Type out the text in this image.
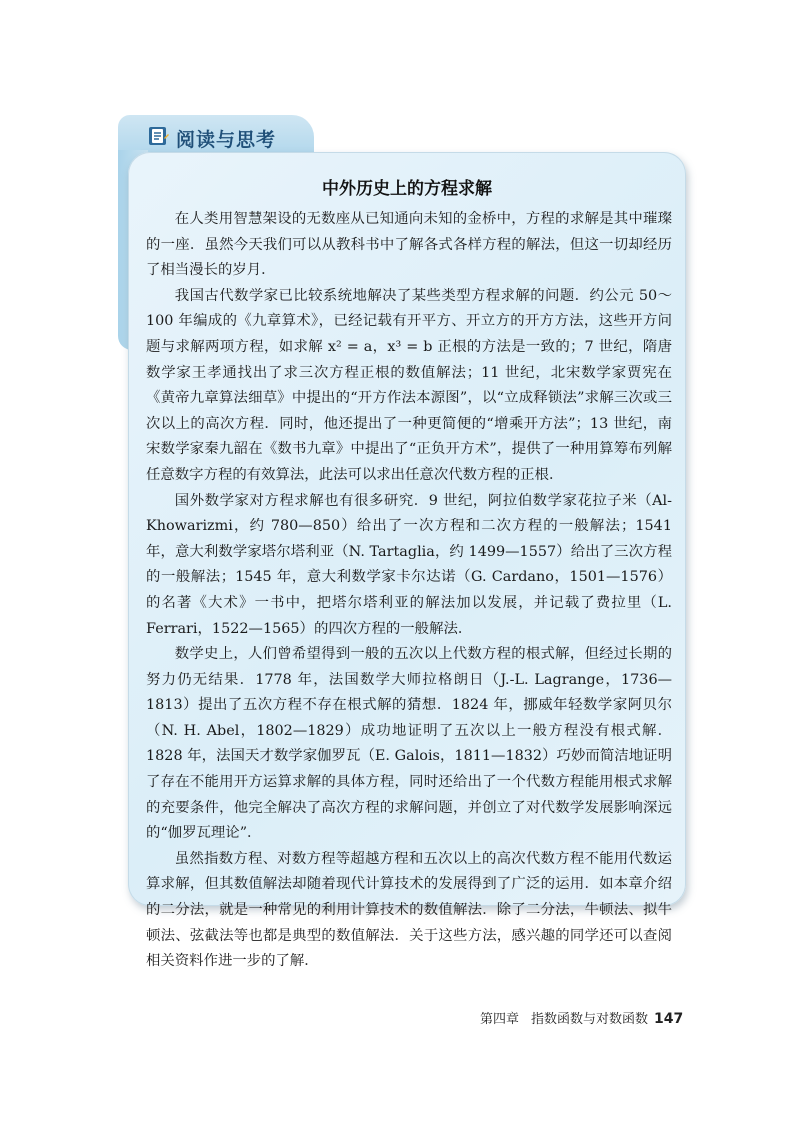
阅读与思考
中外历史上的方程求解

在人类用智慧架设的无数座从已知通向未知的金桥中，方程的求解是其中璀璨的一座．虽然今天我们可以从教科书中了解各式各样方程的解法，但这一切却经历了相当漫长的岁月．

我国古代数学家已比较系统地解决了某些类型方程求解的问题．约公元 50～100 年编成的《九章算术》，已经记载有开平方、开立方的开方方法，这些开方问题与求解两项方程，如求解 x² = a，x³ = b 正根的方法是一致的；7 世纪，隋唐数学家王孝通找出了求三次方程正根的数值解法；11 世纪，北宋数学家贾宪在《黄帝九章算法细草》中提出的“开方作法本源图”，以“立成释锁法”求解三次或三次以上的高次方程．同时，他还提出了一种更简便的“增乘开方法”；13 世纪，南宋数学家秦九韶在《数书九章》中提出了“正负开方术”，提供了一种用算筹布列解任意数字方程的有效算法，此法可以求出任意次代数方程的正根．

国外数学家对方程求解也有很多研究．9 世纪，阿拉伯数学家花拉子米（Al-Khowarizmi，约 780—850）给出了一次方程和二次方程的一般解法；1541 年，意大利数学家塔尔塔利亚（N. Tartaglia，约 1499—1557）给出了三次方程的一般解法；1545 年，意大利数学家卡尔达诺（G. Cardano，1501—1576）的名著《大术》一书中，把塔尔塔利亚的解法加以发展，并记载了费拉里（L. Ferrari，1522—1565）的四次方程的一般解法．

数学史上，人们曾希望得到一般的五次以上代数方程的根式解，但经过长期的努力仍无结果．1778 年，法国数学大师拉格朗日（J.-L. Lagrange，1736—1813）提出了五次方程不存在根式解的猜想．1824 年，挪威年轻数学家阿贝尔（N. H. Abel，1802—1829）成功地证明了五次以上一般方程没有根式解．1828 年，法国天才数学家伽罗瓦（E. Galois，1811—1832）巧妙而简洁地证明了存在不能用开方运算求解的具体方程，同时还给出了一个代数方程能用根式求解的充要条件，他完全解决了高次方程的求解问题，并创立了对代数学发展影响深远的“伽罗瓦理论”．

虽然指数方程、对数方程等超越方程和五次以上的高次代数方程不能用代数运算求解，但其数值解法却随着现代计算技术的发展得到了广泛的运用．如本章介绍的二分法，就是一种常见的利用计算技术的数值解法．除了二分法，牛顿法、拟牛顿法、弦截法等也都是典型的数值解法．关于这些方法，感兴趣的同学还可以查阅相关资料作进一步的了解．

第四章 指数函数与对数函数 147
